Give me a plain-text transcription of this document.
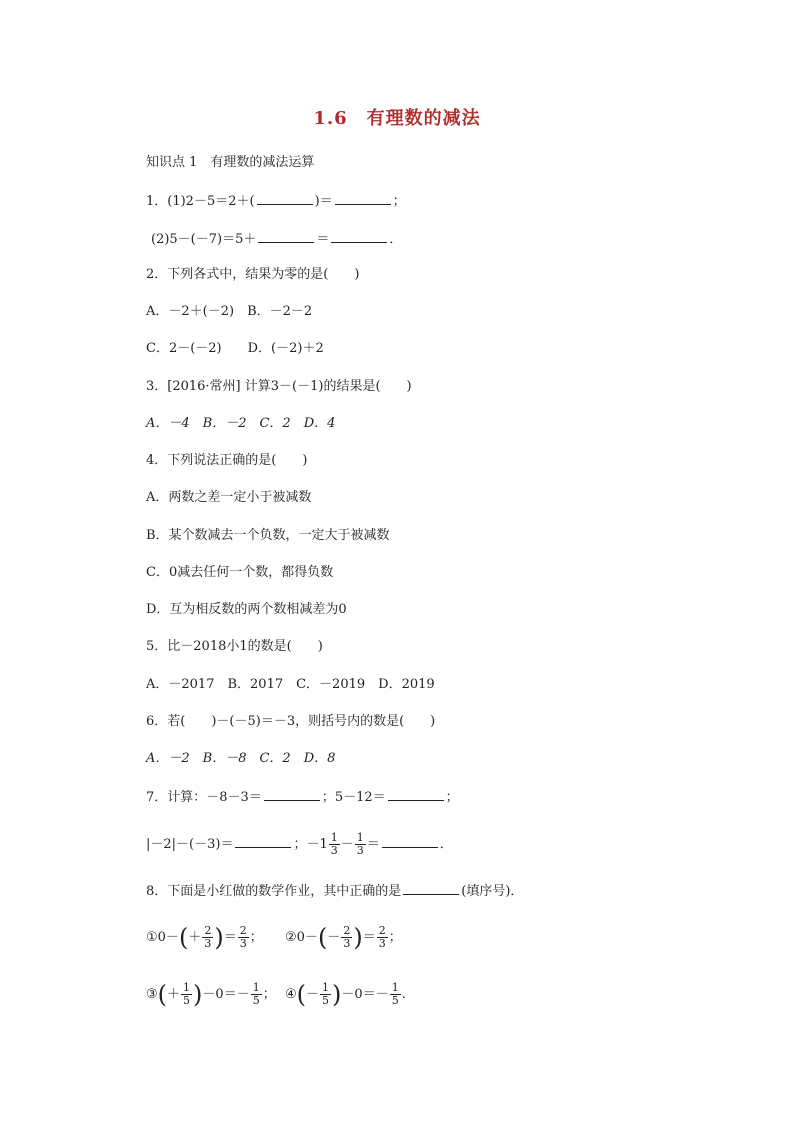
1.6　有理数的减法
知识点 1　有理数的减法运算
1．(1)2－5＝2＋(	)＝	；
(2)5－(－7)＝5＋	＝	．
2．下列各式中，结果为零的是(　　)
A．－2＋(－2)　B．－2－2
C．2－(－2)　　D．(－2)＋2
3．[2016·常州] 计算3－(－1)的结果是(　　)
A．－4　B．－2　C．2　D．4
4．下列说法正确的是(　　)
A．两数之差一定小于被减数
B．某个数减去一个负数，一定大于被减数
C．0减去任何一个数，都得负数
D．互为相反数的两个数相减差为0
5．比－2018小1的数是(　　)
A．－2017　B．2017　C．－2019　D．2019
6．若(　　)－(－5)＝－3，则括号内的数是(　　)
A．－2　B．－8　C．2　D．8
7．计算：－8－3＝	；5－12＝	；
|－2|－(－3)＝	；$-1 \frac{1}{3} - \frac{1}{3}$ ＝	．
8．下面是小红做的数学作业，其中正确的是	(填序号)．
①0－(＋ $\frac{2}{3}$ )＝ $\frac{2}{3}$ ； ②0－(－ $\frac{2}{3}$ )＝ $\frac{2}{3}$ ；
③(＋ $\frac{1}{5} )-0=- \frac{1}{5}$ ； ④(－ $\frac{1}{5} )-0=- \frac{1}{5}$ .
